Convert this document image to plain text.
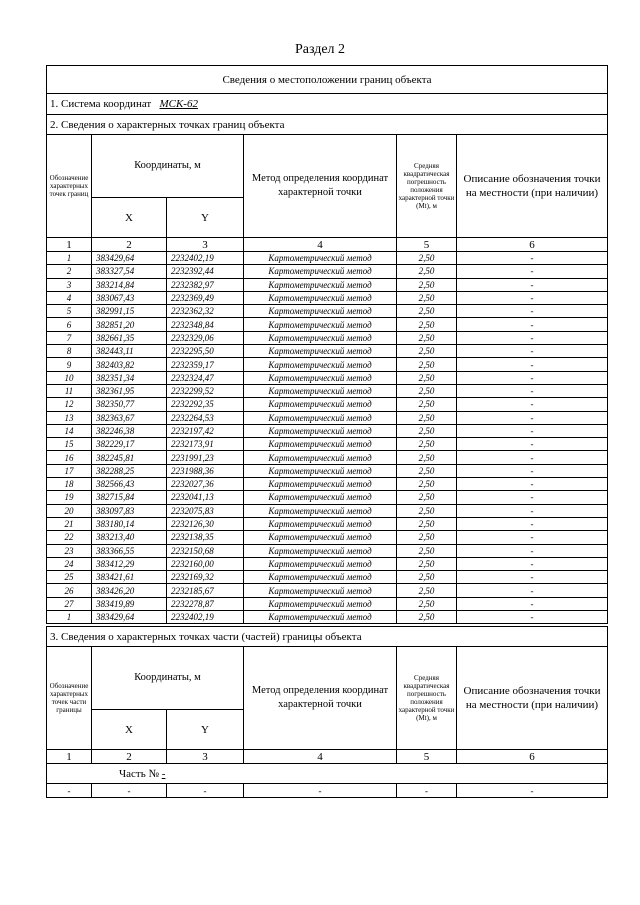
Раздел 2
Сведения о местоположении границ объекта					
1. Система координат МСК-62					
2. Сведения о характерных точках границ объекта					
Обозначение характерных точек границ	Координаты, м		Метод определения координат характерной точки	Средняя квадратическая погрешность положения характерной точки (Mt), м	Описание обозначения точки на местности (при наличии)
	X	Y			
1	2	3	4	5	6
1	383429,64	2232402,19	Картометрический метод	2,50	-
2	383327,54	2232392,44	Картометрический метод	2,50	-
3	383214,84	2232382,97	Картометрический метод	2,50	-
4	383067,43	2232369,49	Картометрический метод	2,50	-
5	382991,15	2232362,32	Картометрический метод	2,50	-
6	382851,20	2232348,84	Картометрический метод	2,50	-
7	382661,35	2232329,06	Картометрический метод	2,50	-
8	382443,11	2232295,50	Картометрический метод	2,50	-
9	382403,82	2232359,17	Картометрический метод	2,50	-
10	382351,34	2232324,47	Картометрический метод	2,50	-
11	382361,95	2232299,52	Картометрический метод	2,50	-
12	382350,77	2232292,35	Картометрический метод	2,50	-
13	382363,67	2232264,53	Картометрический метод	2,50	-
14	382246,38	2232197,42	Картометрический метод	2,50	-
15	382229,17	2232173,91	Картометрический метод	2,50	-
16	382245,81	2231991,23	Картометрический метод	2,50	-
17	382288,25	2231988,36	Картометрический метод	2,50	-
18	382566,43	2232027,36	Картометрический метод	2,50	-
19	382715,84	2232041,13	Картометрический метод	2,50	-
20	383097,83	2232075,83	Картометрический метод	2,50	-
21	383180,14	2232126,30	Картометрический метод	2,50	-
22	383213,40	2232138,35	Картометрический метод	2,50	-
23	383366,55	2232150,68	Картометрический метод	2,50	-
24	383412,29	2232160,00	Картометрический метод	2,50	-
25	383421,61	2232169,32	Картометрический метод	2,50	-
26	383426,20	2232185,67	Картометрический метод	2,50	-
27	383419,89	2232278,87	Картометрический метод	2,50	-
1	383429,64	2232402,19	Картометрический метод	2,50	-
3. Сведения о характерных точках части (частей) границы объекта					
Обозначение характерных точек части границы	Координаты, м		Метод определения координат характерной точки	Средняя квадратическая погрешность положения характерной точки (Mt), м	Описание обозначения точки на местности (при наличии)
	X	Y			
1	2	3	4	5	6
Часть № -					
-	-	-	-	-	-
